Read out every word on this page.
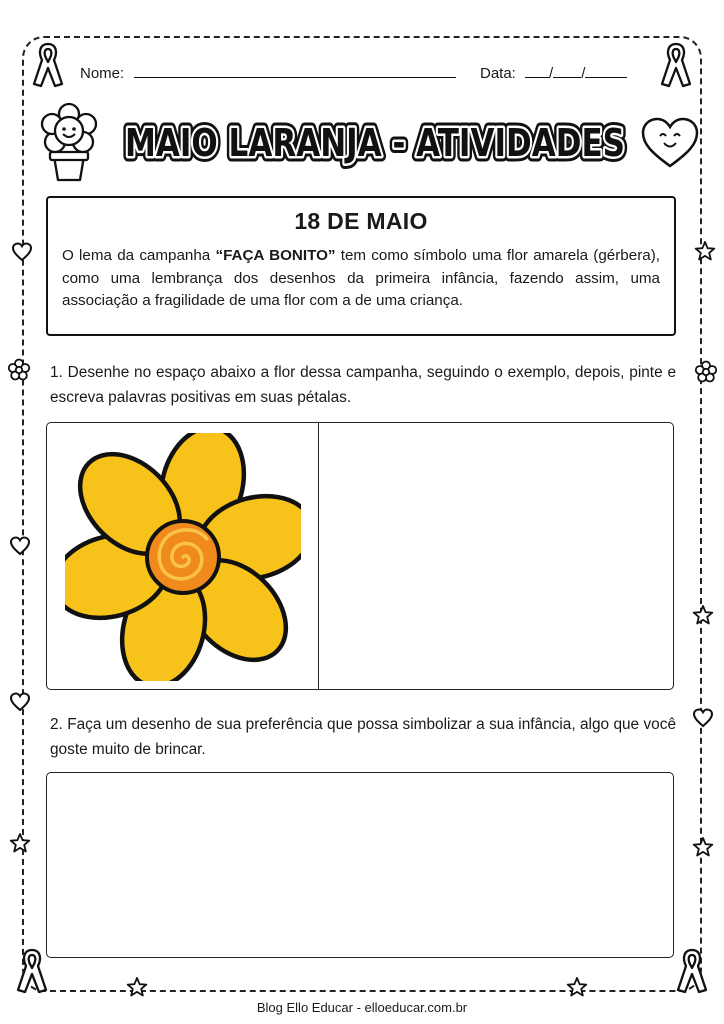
Nome:	Data: / /
MAIO LARANJA - ATIVIDADES
MAIO LARANJA - ATIVIDADES
18 DE MAIO

O lema da campanha “FAÇA BONITO” tem como símbolo uma flor amarela (gérbera), como uma lembrança dos desenhos da primeira infância, fazendo assim, uma associação a fragilidade de uma flor com a de uma criança.

1. Desenhe no espaço abaixo a flor dessa campanha, seguindo o exemplo, depois, pinte e escreva palavras positivas em suas pétalas.

2. Faça um desenho de sua preferência que possa simbolizar a sua infância, algo que você goste muito de brincar.

Blog Ello Educar - elloeducar.com.br
